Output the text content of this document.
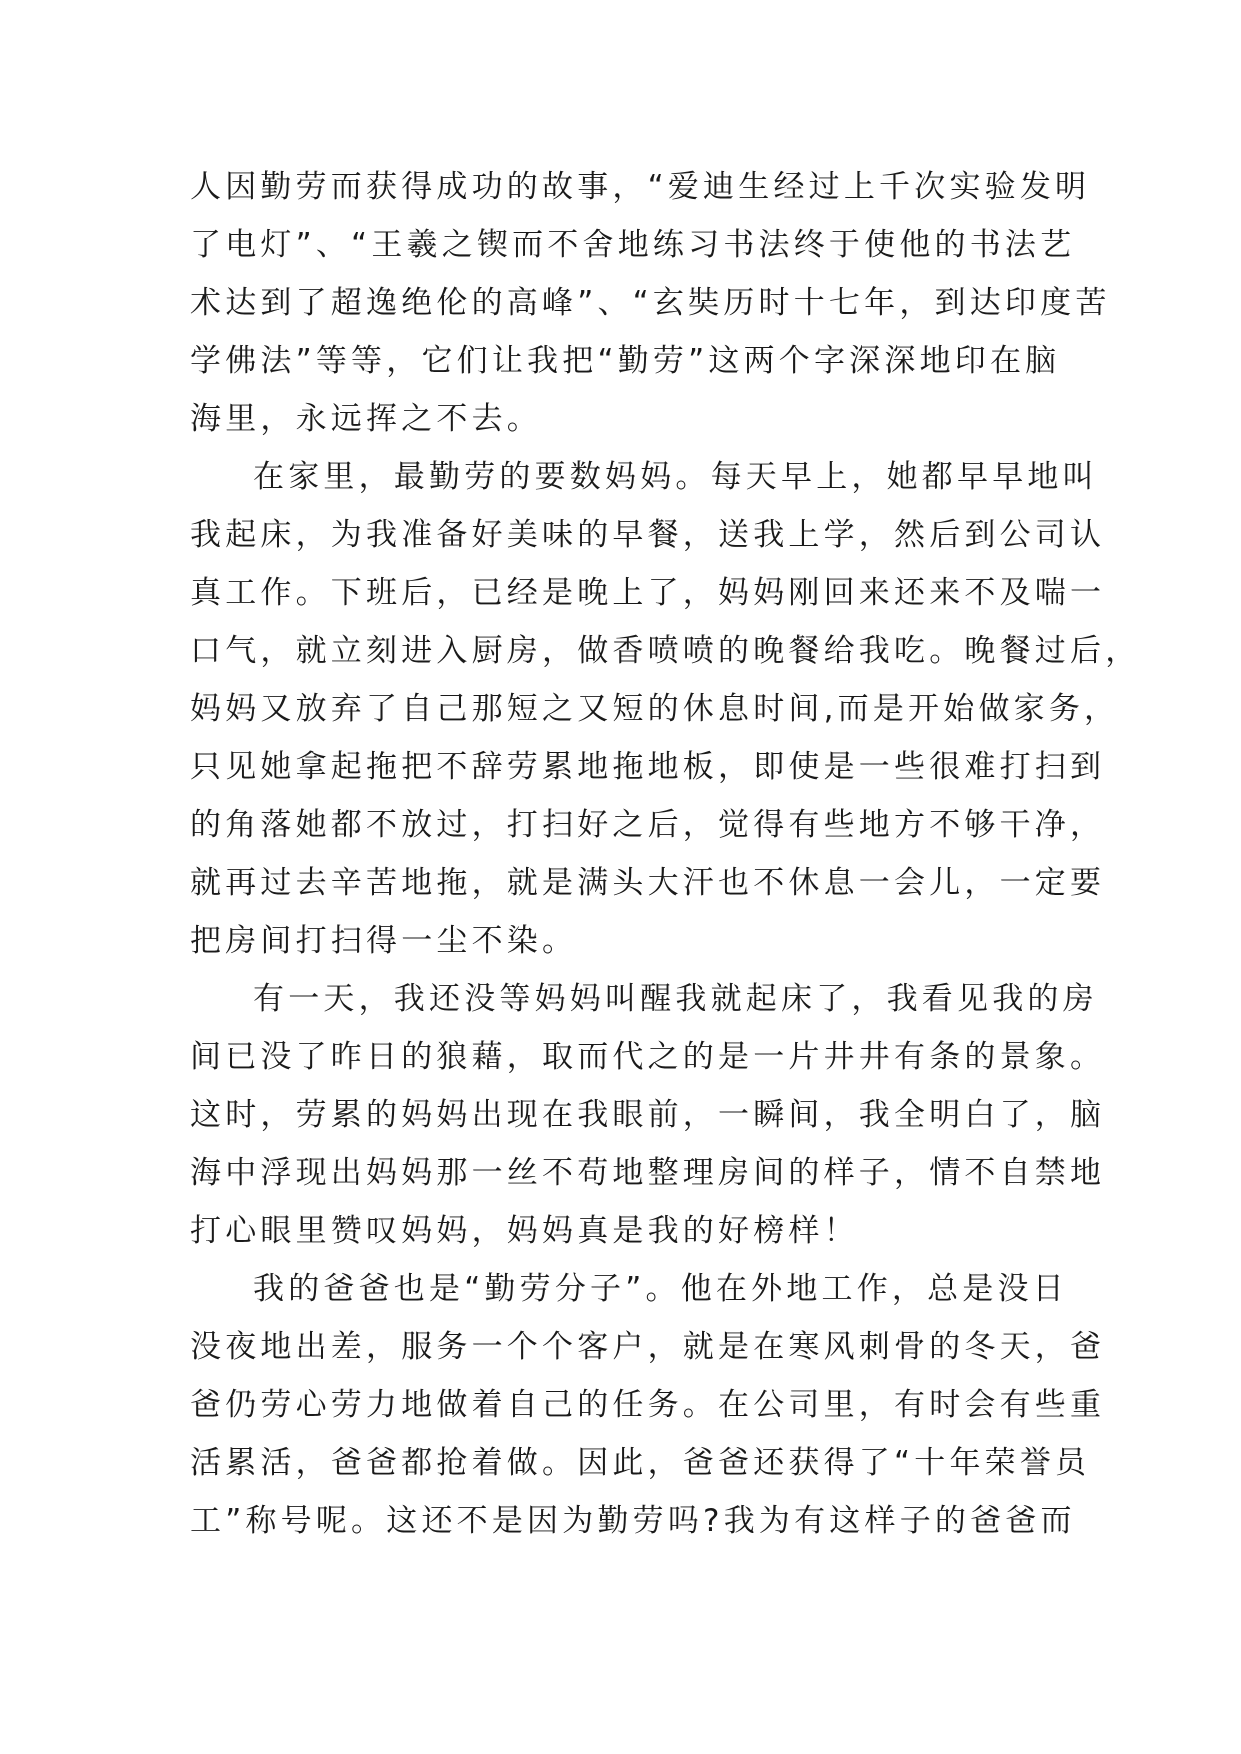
人因勤劳而获得成功的故事，“爱迪生经过上千次实验发明
了电灯”、“王羲之锲而不舍地练习书法终于使他的书法艺
术达到了超逸绝伦的高峰”、“玄奘历时十七年，到达印度苦
学佛法”等等，它们让我把“勤劳”这两个字深深地印在脑
海里，永远挥之不去。
在家里，最勤劳的要数妈妈。每天早上，她都早早地叫
我起床，为我准备好美味的早餐，送我上学，然后到公司认
真工作。下班后，已经是晚上了，妈妈刚回来还来不及喘一
口气，就立刻进入厨房，做香喷喷的晚餐给我吃。晚餐过后，
妈妈又放弃了自己那短之又短的休息时间,而是开始做家务，
只见她拿起拖把不辞劳累地拖地板，即使是一些很难打扫到
的角落她都不放过，打扫好之后，觉得有些地方不够干净，
就再过去辛苦地拖，就是满头大汗也不休息一会儿，一定要
把房间打扫得一尘不染。
有一天，我还没等妈妈叫醒我就起床了，我看见我的房
间已没了昨日的狼藉，取而代之的是一片井井有条的景象。
这时，劳累的妈妈出现在我眼前，一瞬间，我全明白了，脑
海中浮现出妈妈那一丝不苟地整理房间的样子，情不自禁地
打心眼里赞叹妈妈，妈妈真是我的好榜样！
我的爸爸也是“勤劳分子”。他在外地工作，总是没日
没夜地出差，服务一个个客户，就是在寒风刺骨的冬天，爸
爸仍劳心劳力地做着自己的任务。在公司里，有时会有些重
活累活，爸爸都抢着做。因此，爸爸还获得了“十年荣誉员
工”称号呢。这还不是因为勤劳吗?我为有这样子的爸爸而
